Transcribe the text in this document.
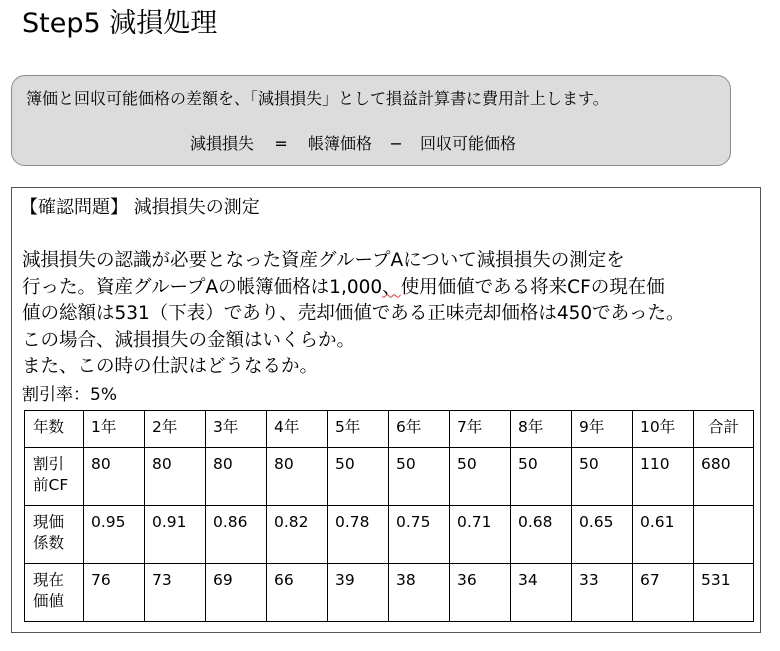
Step5 減損処理
簿価と回収可能価格の差額を、「減損損失」として損益計算書に費用計上します。
減損損失 = 帳簿価格 − 回収可能価格
【確認問題】 減損損失の測定
減損損失の認識が必要となった資産グループAについて減損損失の測定を
行った。資産グループAの帳簿価格は1,000、使用価値である将来CFの現在価
値の総額は531（下表）であり、売却価値である正味売却価格は450であった。
この場合、減損損失の金額はいくらか。
また、この時の仕訳はどうなるか。
割引率：5%
年数	1年	2年	3年	4年	5年	6年	7年	8年	9年	10年	合計

割引
前CF	80	80	80	80	50	50	50	50	50	110	680

現価
係数	0.95	0.91	0.86	0.82	0.78	0.75	0.71	0.68	0.65	0.61	

現在
価値	76	73	69	66	39	38	36	34	33	67	531
